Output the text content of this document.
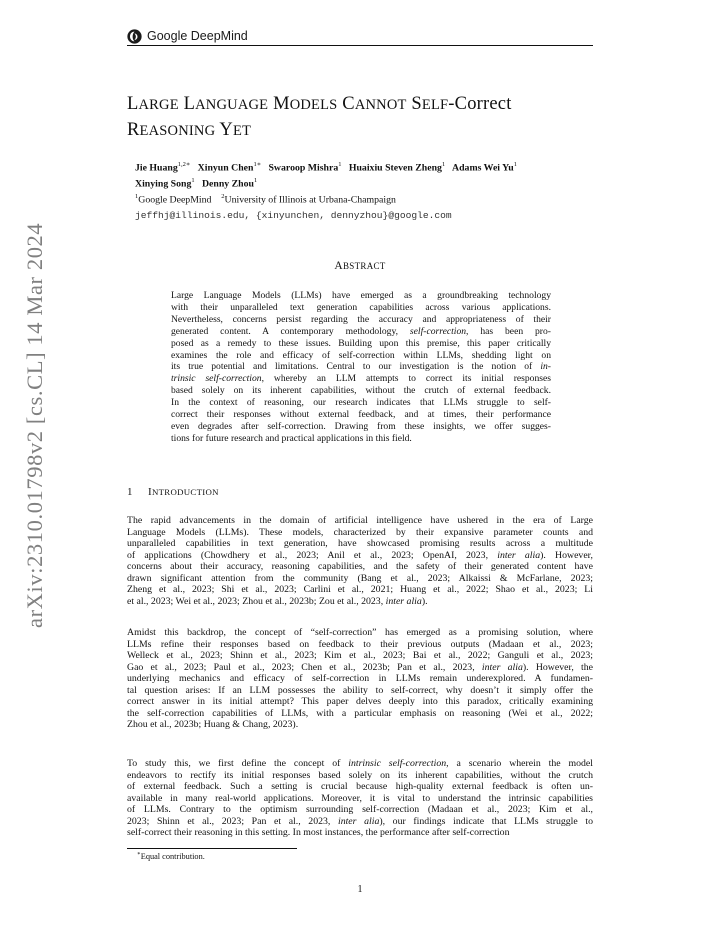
Google DeepMind
LARGE LANGUAGE MODELS CANNOT SELF-Correct
REASONING YET
Jie Huang$^{1,2∗}$ Xinyun Chen$^{1∗}$ Swaroop Mishra$^1$ Huaixiu Steven Zheng$^1$ Adams Wei Yu$^1$
Xinying Song$^1$ Denny Zhou$^1$
$^1$Google DeepMind $^2$University of Illinois at Urbana-Champaign
jeffhj@illinois.edu, {xinyunchen, dennyzhou}@google.com
ABSTRACT
Large Language Models (LLMs) have emerged as a groundbreaking technology
with their unparalleled text generation capabilities across various applications.
Nevertheless, concerns persist regarding the accuracy and appropriateness of their
generated content. A contemporary methodology, self-correction, has been pro-
posed as a remedy to these issues. Building upon this premise, this paper critically
examines the role and efficacy of self-correction within LLMs, shedding light on
its true potential and limitations. Central to our investigation is the notion of in-
trinsic self-correction, whereby an LLM attempts to correct its initial responses
based solely on its inherent capabilities, without the crutch of external feedback.
In the context of reasoning, our research indicates that LLMs struggle to self-
correct their responses without external feedback, and at times, their performance
even degrades after self-correction. Drawing from these insights, we offer sugges-
tions for future research and practical applications in this field.
1 INTRODUCTION
The rapid advancements in the domain of artificial intelligence have ushered in the era of Large
Language Models (LLMs). These models, characterized by their expansive parameter counts and
unparalleled capabilities in text generation, have showcased promising results across a multitude
of applications (Chowdhery et al., 2023; Anil et al., 2023; OpenAI, 2023, inter alia). However,
concerns about their accuracy, reasoning capabilities, and the safety of their generated content have
drawn significant attention from the community (Bang et al., 2023; Alkaissi & McFarlane, 2023;
Zheng et al., 2023; Shi et al., 2023; Carlini et al., 2021; Huang et al., 2022; Shao et al., 2023; Li
et al., 2023; Wei et al., 2023; Zhou et al., 2023b; Zou et al., 2023, inter alia).
Amidst this backdrop, the concept of “self-correction” has emerged as a promising solution, where
LLMs refine their responses based on feedback to their previous outputs (Madaan et al., 2023;
Welleck et al., 2023; Shinn et al., 2023; Kim et al., 2023; Bai et al., 2022; Ganguli et al., 2023;
Gao et al., 2023; Paul et al., 2023; Chen et al., 2023b; Pan et al., 2023, inter alia). However, the
underlying mechanics and efficacy of self-correction in LLMs remain underexplored. A fundamen-
tal question arises: If an LLM possesses the ability to self-correct, why doesn’t it simply offer the
correct answer in its initial attempt? This paper delves deeply into this paradox, critically examining
the self-correction capabilities of LLMs, with a particular emphasis on reasoning (Wei et al., 2022;
Zhou et al., 2023b; Huang & Chang, 2023).
To study this, we first define the concept of intrinsic self-correction, a scenario wherein the model
endeavors to rectify its initial responses based solely on its inherent capabilities, without the crutch
of external feedback. Such a setting is crucial because high-quality external feedback is often un-
available in many real-world applications. Moreover, it is vital to understand the intrinsic capabilities
of LLMs. Contrary to the optimism surrounding self-correction (Madaan et al., 2023; Kim et al.,
2023; Shinn et al., 2023; Pan et al., 2023, inter alia), our findings indicate that LLMs struggle to
self-correct their reasoning in this setting. In most instances, the performance after self-correction
∗Equal contribution.
1
arXiv:2310.01798v2 [cs.CL] 14 Mar 2024
